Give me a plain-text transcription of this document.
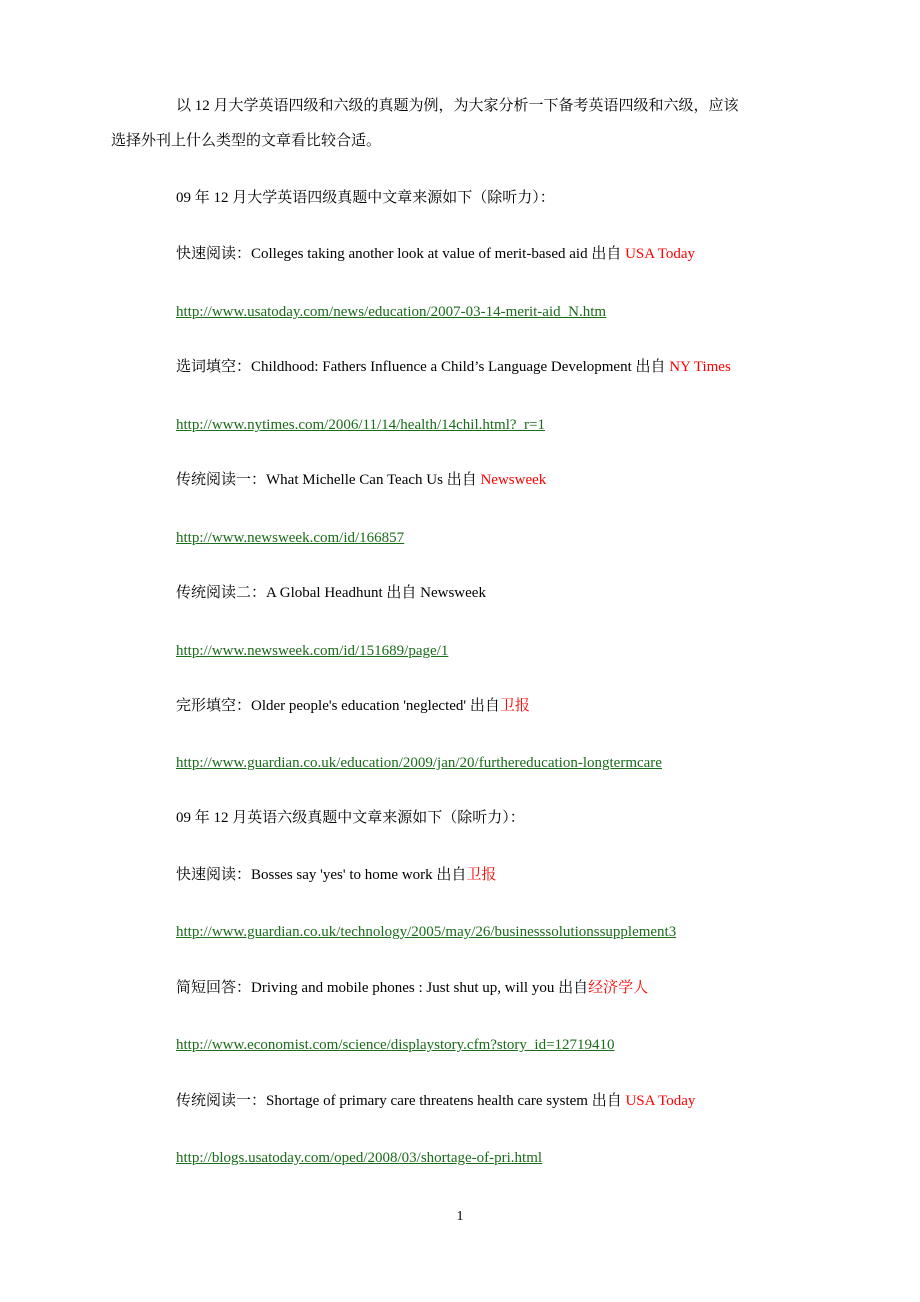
以 12 月大学英语四级和六级的真题为例，为大家分析一下备考英语四级和六级，应该
选择外刊上什么类型的文章看比较合适。
09 年 12 月大学英语四级真题中文章来源如下（除听力）：
快速阅读：Colleges taking another look at value of merit-based aid 出自 USA Today
http://www.usatoday.com/news/education/2007-03-14-merit-aid_N.htm
选词填空：Childhood: Fathers Influence a Child’s Language Development 出自 NY Times
http://www.nytimes.com/2006/11/14/health/14chil.html?_r=1
传统阅读一：What Michelle Can Teach Us 出自 Newsweek
http://www.newsweek.com/id/166857
传统阅读二：A Global Headhunt 出自 Newsweek
http://www.newsweek.com/id/151689/page/1
完形填空：Older people's education 'neglected' 出自卫报
http://www.guardian.co.uk/education/2009/jan/20/furthereducation-longtermcare
09 年 12 月英语六级真题中文章来源如下（除听力）：
快速阅读：Bosses say 'yes' to home work 出自卫报
http://www.guardian.co.uk/technology/2005/may/26/businesssolutionssupplement3
简短回答：Driving and mobile phones : Just shut up, will you 出自经济学人
http://www.economist.com/science/displaystory.cfm?story_id=12719410
传统阅读一：Shortage of primary care threatens health care system 出自 USA Today
http://blogs.usatoday.com/oped/2008/03/shortage-of-pri.html
1
